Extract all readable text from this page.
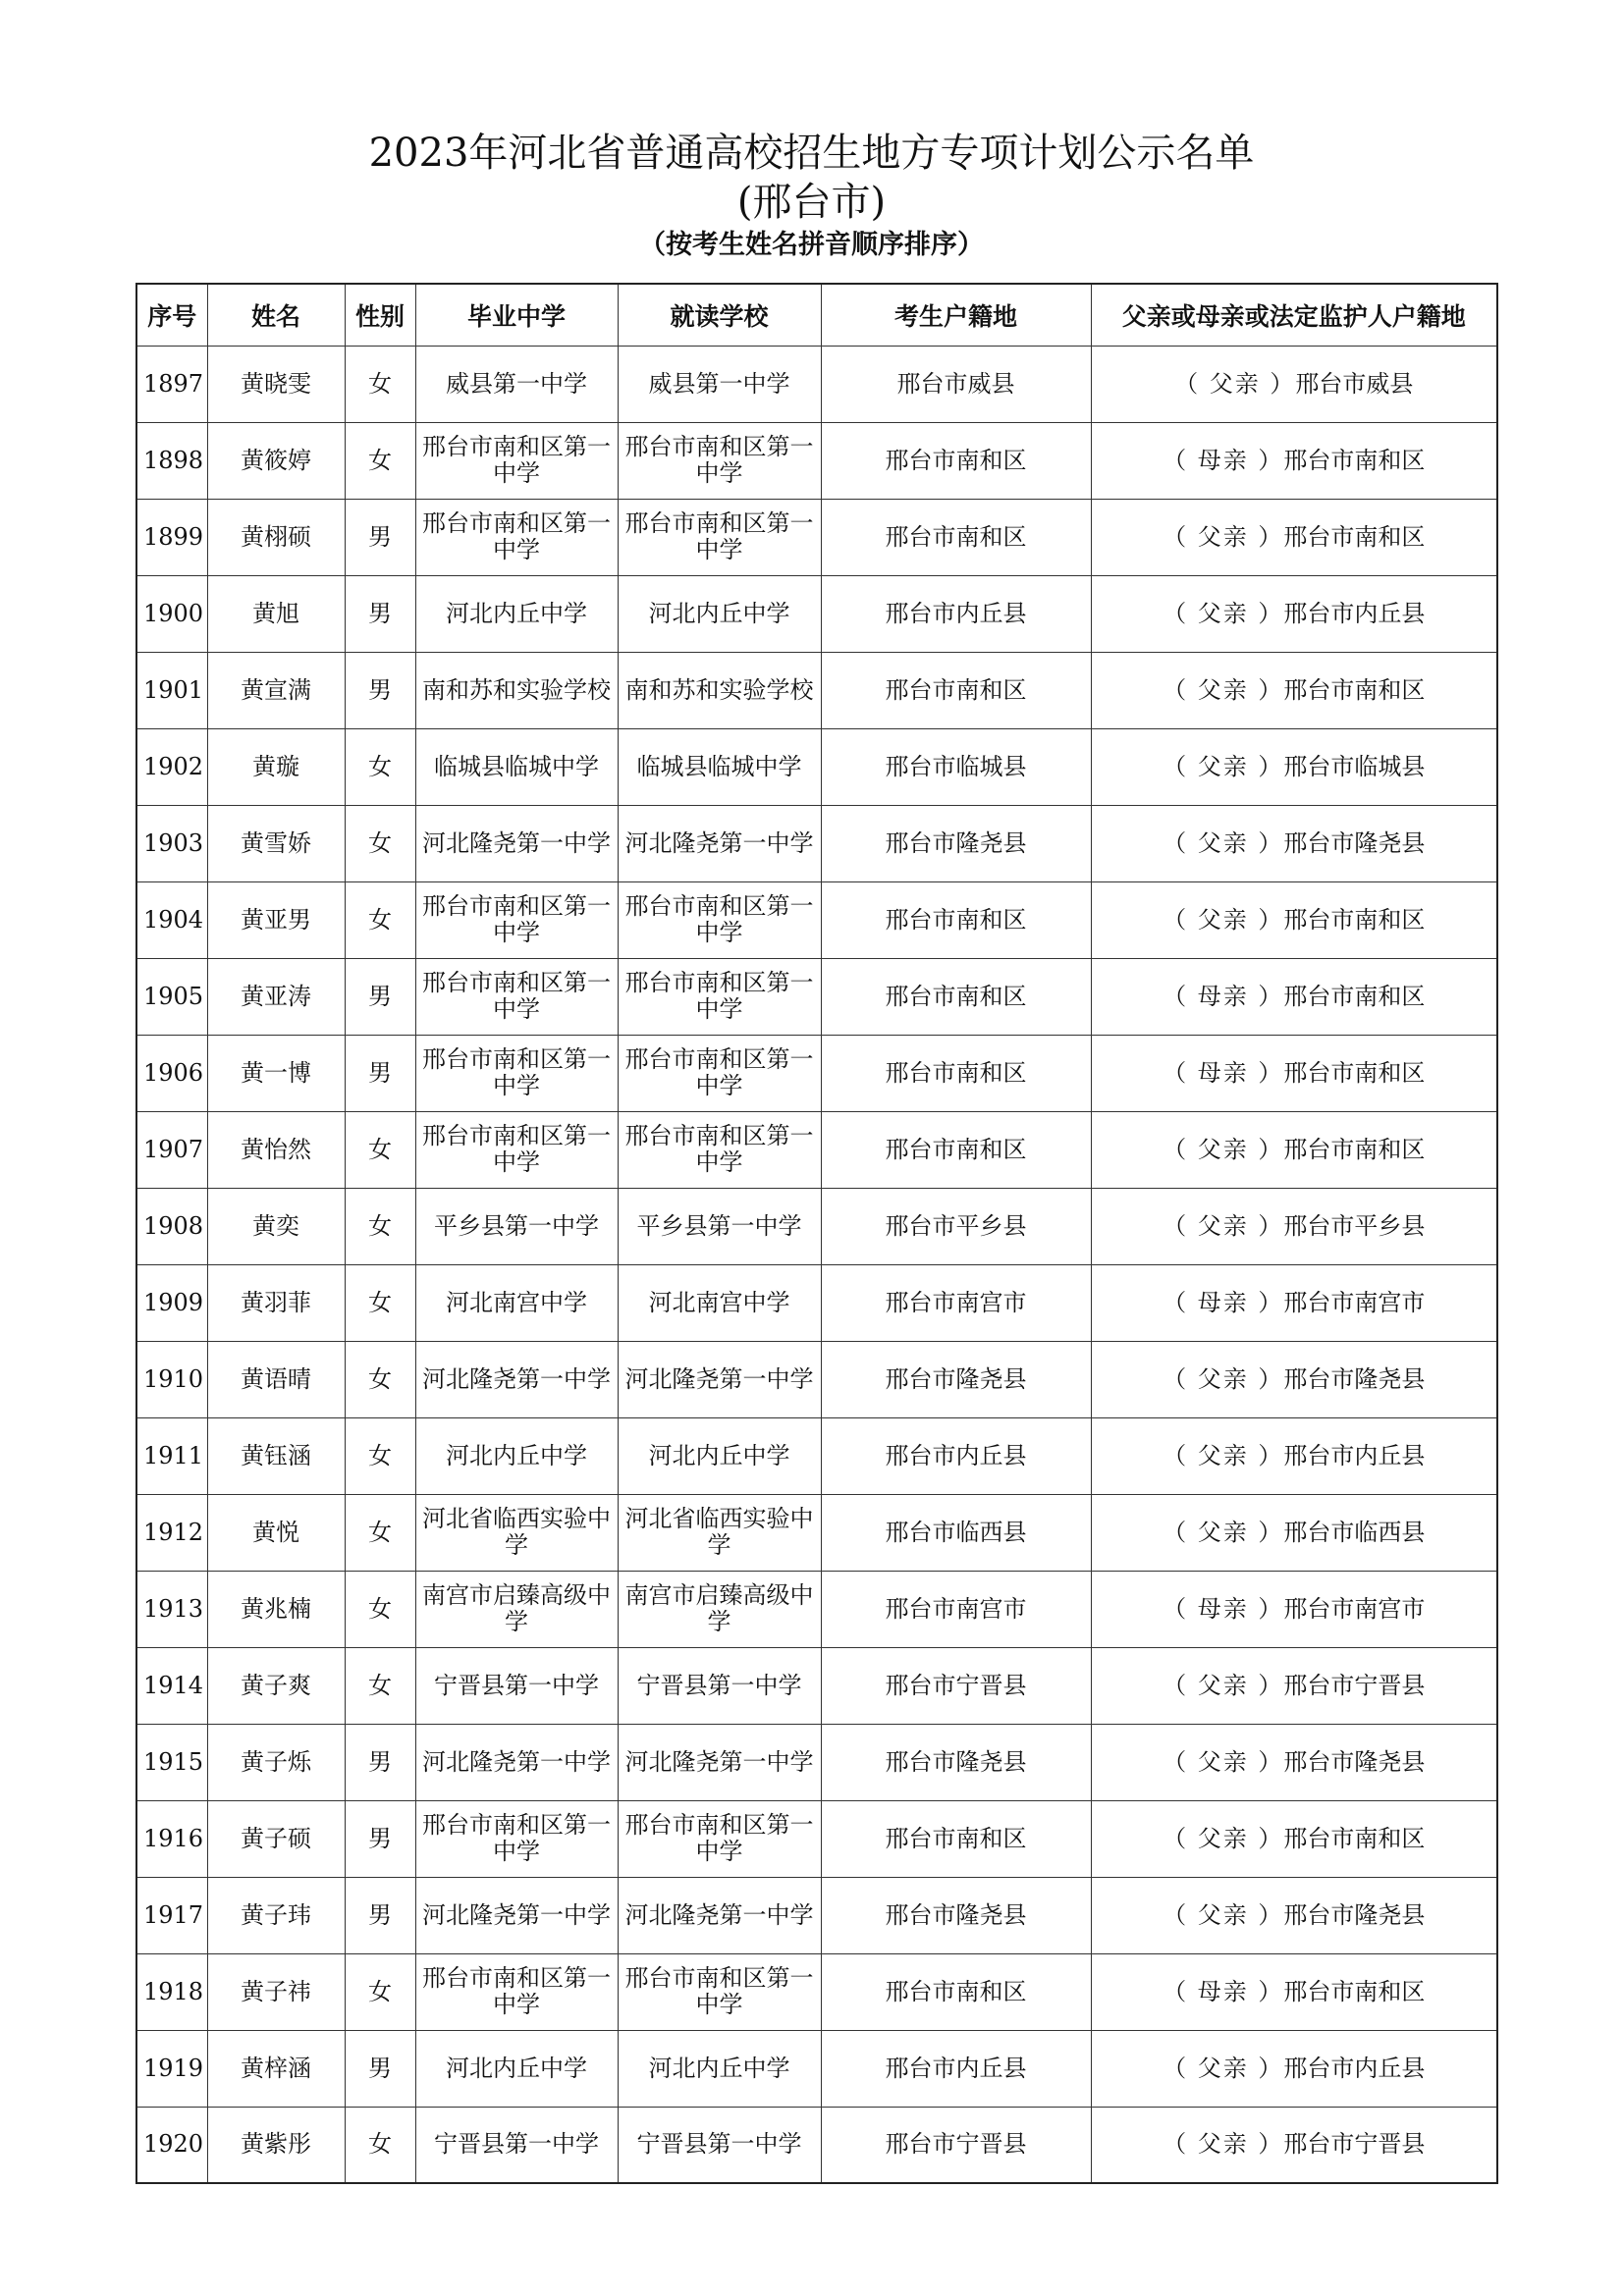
2023年河北省普通高校招生地方专项计划公示名单
(邢台市)
（按考生姓名拼音顺序排序）
序号	姓名	性别	毕业中学	就读学校	考生户籍地	父亲或母亲或法定监护人户籍地
1897	黄晓雯	女	威县第一中学	威县第一中学	邢台市威县	（ 父亲 ）邢台市威县
1898	黄筱婷	女	邢台市南和区第一中学	邢台市南和区第一中学	邢台市南和区	（ 母亲 ）邢台市南和区
1899	黄栩硕	男	邢台市南和区第一中学	邢台市南和区第一中学	邢台市南和区	（ 父亲 ）邢台市南和区
1900	黄旭	男	河北内丘中学	河北内丘中学	邢台市内丘县	（ 父亲 ）邢台市内丘县
1901	黄宣满	男	南和苏和实验学校	南和苏和实验学校	邢台市南和区	（ 父亲 ）邢台市南和区
1902	黄璇	女	临城县临城中学	临城县临城中学	邢台市临城县	（ 父亲 ）邢台市临城县
1903	黄雪娇	女	河北隆尧第一中学	河北隆尧第一中学	邢台市隆尧县	（ 父亲 ）邢台市隆尧县
1904	黄亚男	女	邢台市南和区第一中学	邢台市南和区第一中学	邢台市南和区	（ 父亲 ）邢台市南和区
1905	黄亚涛	男	邢台市南和区第一中学	邢台市南和区第一中学	邢台市南和区	（ 母亲 ）邢台市南和区
1906	黄一博	男	邢台市南和区第一中学	邢台市南和区第一中学	邢台市南和区	（ 母亲 ）邢台市南和区
1907	黄怡然	女	邢台市南和区第一中学	邢台市南和区第一中学	邢台市南和区	（ 父亲 ）邢台市南和区
1908	黄奕	女	平乡县第一中学	平乡县第一中学	邢台市平乡县	（ 父亲 ）邢台市平乡县
1909	黄羽菲	女	河北南宫中学	河北南宫中学	邢台市南宫市	（ 母亲 ）邢台市南宫市
1910	黄语晴	女	河北隆尧第一中学	河北隆尧第一中学	邢台市隆尧县	（ 父亲 ）邢台市隆尧县
1911	黄钰涵	女	河北内丘中学	河北内丘中学	邢台市内丘县	（ 父亲 ）邢台市内丘县
1912	黄悦	女	河北省临西实验中学	河北省临西实验中学	邢台市临西县	（ 父亲 ）邢台市临西县
1913	黄兆楠	女	南宫市启臻高级中学	南宫市启臻高级中学	邢台市南宫市	（ 母亲 ）邢台市南宫市
1914	黄子爽	女	宁晋县第一中学	宁晋县第一中学	邢台市宁晋县	（ 父亲 ）邢台市宁晋县
1915	黄子烁	男	河北隆尧第一中学	河北隆尧第一中学	邢台市隆尧县	（ 父亲 ）邢台市隆尧县
1916	黄子硕	男	邢台市南和区第一中学	邢台市南和区第一中学	邢台市南和区	（ 父亲 ）邢台市南和区
1917	黄子玮	男	河北隆尧第一中学	河北隆尧第一中学	邢台市隆尧县	（ 父亲 ）邢台市隆尧县
1918	黄子祎	女	邢台市南和区第一中学	邢台市南和区第一中学	邢台市南和区	（ 母亲 ）邢台市南和区
1919	黄梓涵	男	河北内丘中学	河北内丘中学	邢台市内丘县	（ 父亲 ）邢台市内丘县
1920	黄紫彤	女	宁晋县第一中学	宁晋县第一中学	邢台市宁晋县	（ 父亲 ）邢台市宁晋县
